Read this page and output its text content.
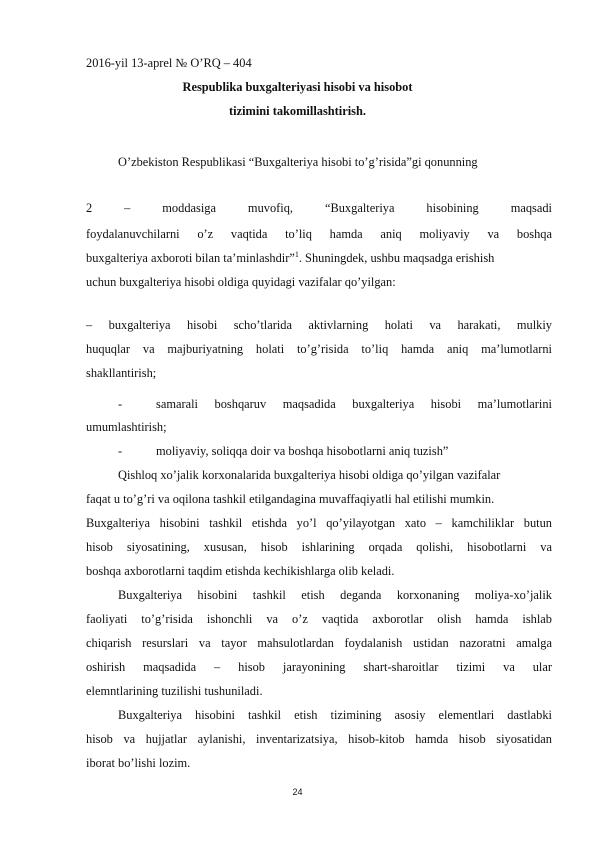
2016-yil 13-aprel № O’RQ – 404
Respublika buxgalteriyasi hisobi va hisobot
tizimini takomillashtirish.
O’zbekiston Respublikasi “Buxgalteriya hisobi to’g’risida”gi qonunning
2 – moddasiga muvofiq, “Buxgalteriya hisobining maqsadi
foydalanuvchilarni o’z vaqtida to’liq hamda aniq moliyaviy va boshqa
buxgalteriya axboroti bilan ta’minlashdir”$^1$. Shuningdek, ushbu maqsadga erishish
uchun buxgalteriya hisobi oldiga quyidagi vazifalar qo’yilgan:
– buxgalteriya hisobi scho’tlarida aktivlarning holati va harakati, mulkiy
huquqlar va majburiyatning holati to’g’risida to’liq hamda aniq ma’lumotlarni
shakllantirish;
-	samarali boshqaruv maqsadida buxgalteriya hisobi ma’lumotlarini
umumlashtirish;
-	moliyaviy, soliqqa doir va boshqa hisobotlarni aniq tuzish”
Qishloq xo’jalik korxonalarida buxgalteriya hisobi oldiga qo’yilgan vazifalar
faqat u to’g’ri va oqilona tashkil etilgandagina muvaffaqiyatli hal etilishi mumkin.
Buxgalteriya hisobini tashkil etishda yo’l qo’yilayotgan xato – kamchiliklar butun
hisob siyosatining, xususan, hisob ishlarining orqada qolishi, hisobotlarni va
boshqa axborotlarni taqdim etishda kechikishlarga olib keladi.
Buxgalteriya hisobini tashkil etish deganda korxonaning moliya-xo’jalik
faoliyati to’g’risida ishonchli va o’z vaqtida axborotlar olish hamda ishlab
chiqarish resurslari va tayor mahsulotlardan foydalanish ustidan nazoratni amalga
oshirish maqsadida – hisob jarayonining shart-sharoitlar tizimi va ular
elemntlarining tuzilishi tushuniladi.
Buxgalteriya hisobini tashkil etish tizimining asosiy elementlari dastlabki
hisob va hujjatlar aylanishi, inventarizatsiya, hisob-kitob hamda hisob siyosatidan
iborat bo’lishi lozim.
24
